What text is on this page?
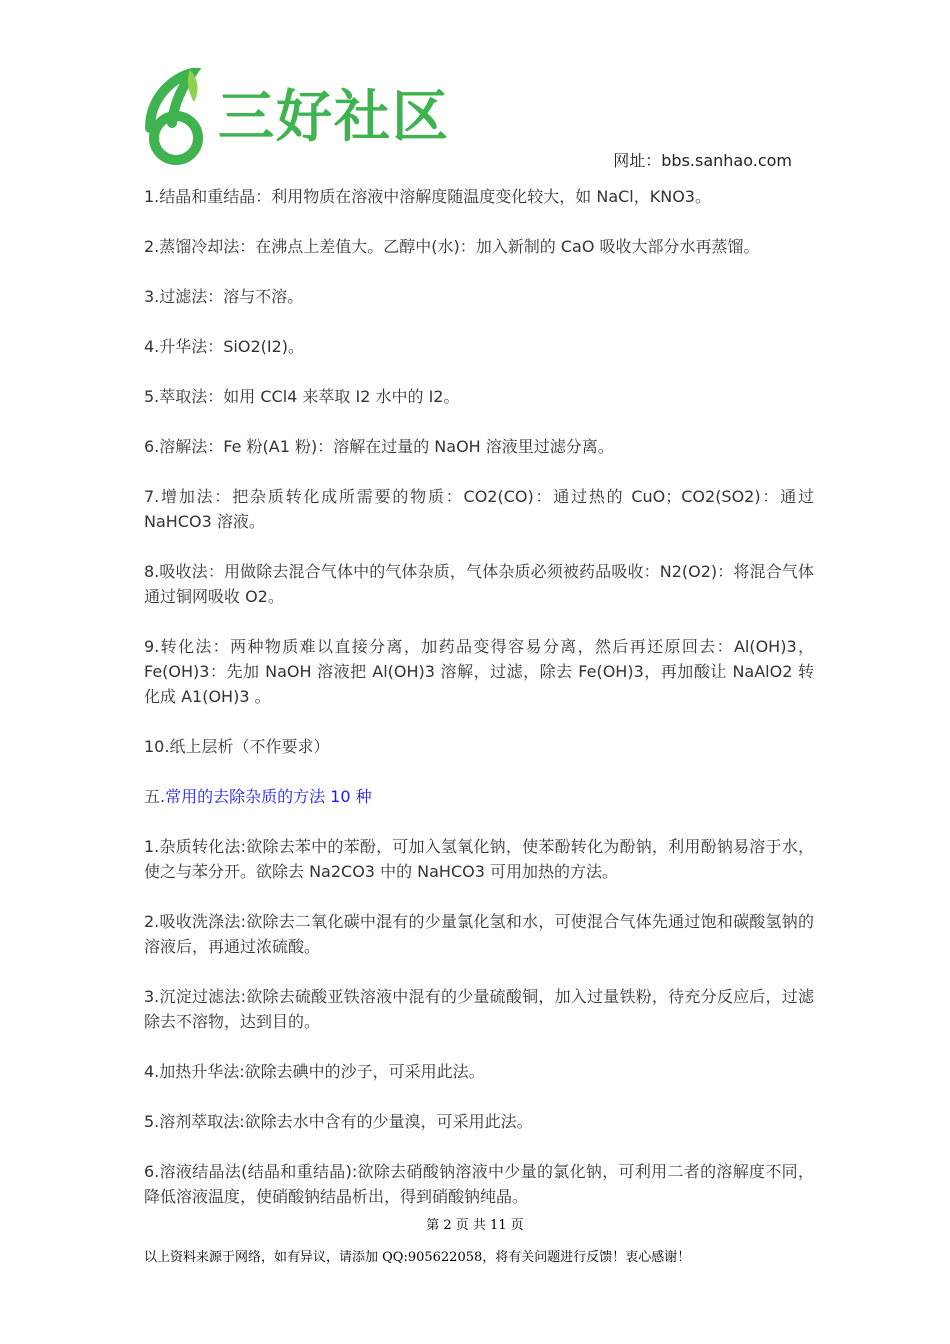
三好社区
网址：bbs.sanhao.com

1.结晶和重结晶：利用物质在溶液中溶解度随温度变化较大，如 NaCl，KNO3。

2.蒸馏冷却法：在沸点上差值大。乙醇中(水)：加入新制的 CaO 吸收大部分水再蒸馏。

3.过滤法：溶与不溶。

4.升华法：SiO2(I2)。

5.萃取法：如用 CCl4 来萃取 I2 水中的 I2。

6.溶解法：Fe 粉(A1 粉)：溶解在过量的 NaOH 溶液里过滤分离。

7.增加法：把杂质转化成所需要的物质：CO2(CO)：通过热的 CuO；CO2(SO2)：通过 NaHCO3 溶液。

8.吸收法：用做除去混合气体中的气体杂质，气体杂质必须被药品吸收：N2(O2)：将混合气体通过铜网吸收 O2。

9.转化法：两种物质难以直接分离，加药品变得容易分离，然后再还原回去：Al(OH)3，Fe(OH)3：先加 NaOH 溶液把 Al(OH)3 溶解，过滤，除去 Fe(OH)3，再加酸让 NaAlO2 转化成 A1(OH)3 。

10.纸上层析（不作要求）

五.常用的去除杂质的方法 10 种

1.杂质转化法:欲除去苯中的苯酚，可加入氢氧化钠，使苯酚转化为酚钠，利用酚钠易溶于水，使之与苯分开。欲除去 Na2CO3 中的 NaHCO3 可用加热的方法。

2.吸收洗涤法:欲除去二氧化碳中混有的少量氯化氢和水，可使混合气体先通过饱和碳酸氢钠的溶液后，再通过浓硫酸。

3.沉淀过滤法:欲除去硫酸亚铁溶液中混有的少量硫酸铜，加入过量铁粉，待充分反应后，过滤除去不溶物，达到目的。

4.加热升华法:欲除去碘中的沙子，可采用此法。

5.溶剂萃取法:欲除去水中含有的少量溴，可采用此法。

6.溶液结晶法(结晶和重结晶):欲除去硝酸钠溶液中少量的氯化钠，可利用二者的溶解度不同，降低溶液温度，使硝酸钠结晶析出，得到硝酸钠纯晶。

第 2 页 共 11 页
以上资料来源于网络，如有异议，请添加 QQ:905622058，将有关问题进行反馈！衷心感谢！
